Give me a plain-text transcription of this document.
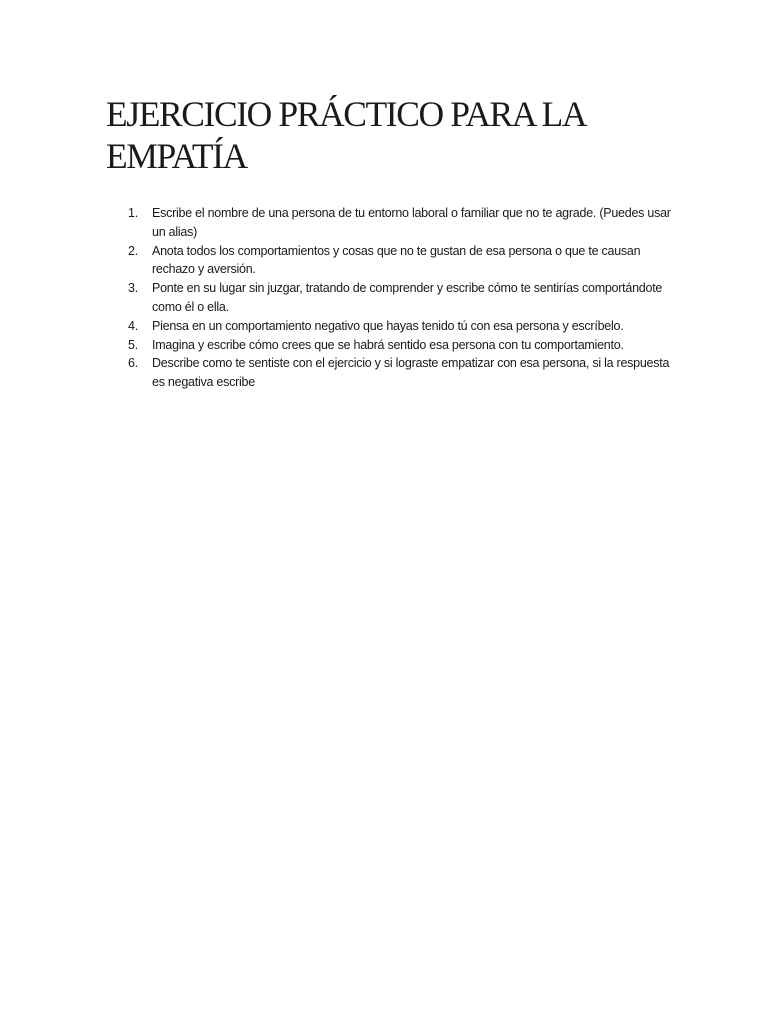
EJERCICIO PRÁCTICO PARA LA EMPATÍA
1. Escribe el nombre de una persona de tu entorno laboral o familiar que no te agrade. (Puedes usar un alias)
2. Anota todos los comportamientos y cosas que no te gustan de esa persona o que te causan rechazo y aversión.
3. Ponte en su lugar sin juzgar, tratando de comprender y escribe cómo te sentirías comportándote como él o ella.
4. Piensa en un comportamiento negativo que hayas tenido tú con esa persona y escríbelo.
5. Imagina y escribe cómo crees que se habrá sentido esa persona con tu comportamiento.
6. Describe como te sentiste con el ejercicio y si lograste empatizar con esa persona, si la respuesta es negativa escribe
